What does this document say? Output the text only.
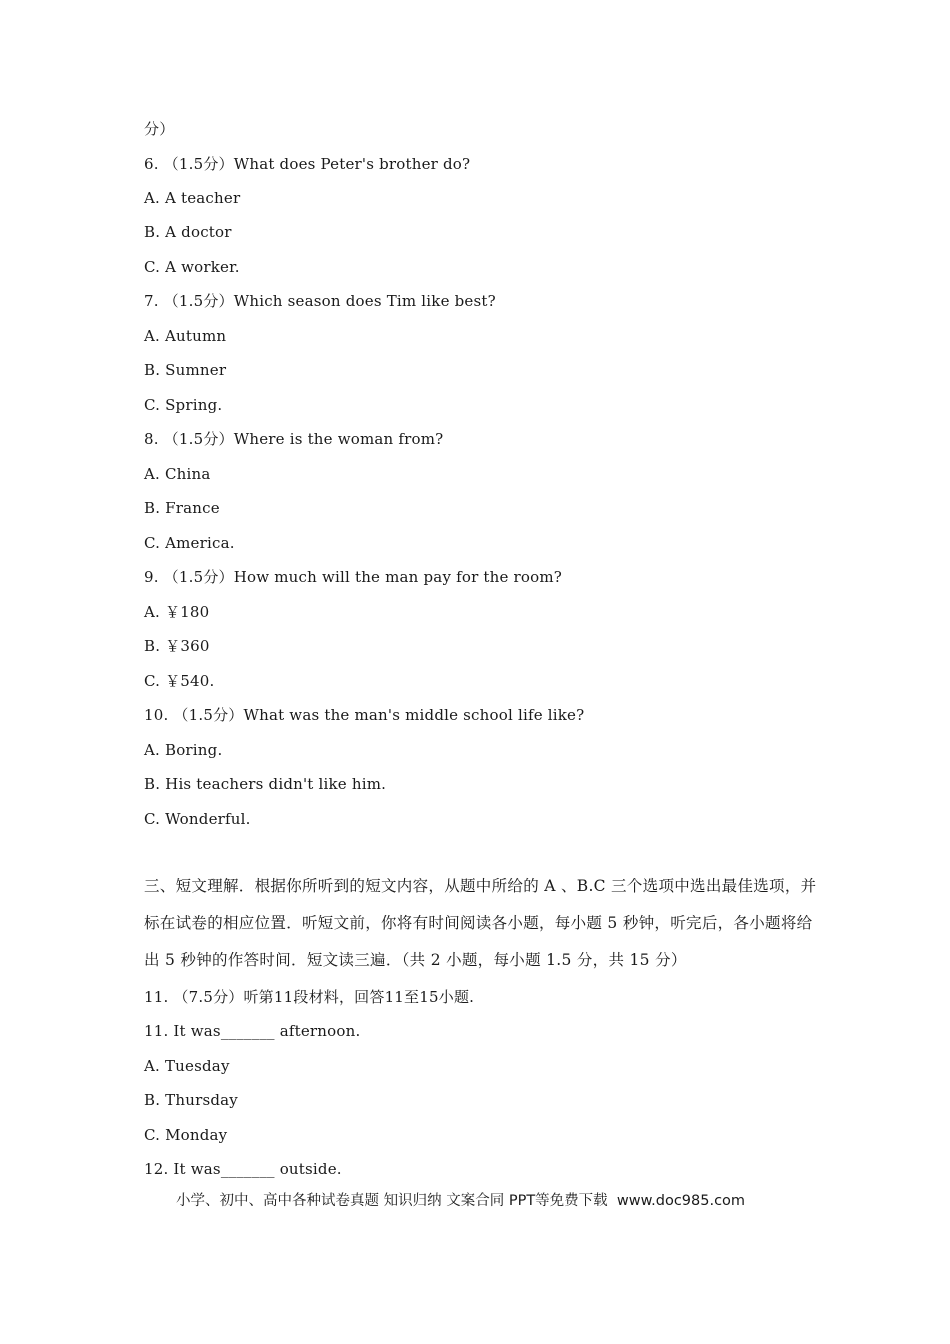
分）
6. （1.5分）What does Peter's brother do?
A. A teacher
B. A doctor
C. A worker.
7. （1.5分）Which season does Tim like best?
A. Autumn
B. Sumner
C. Spring.
8. （1.5分）Where is the woman from?
A. China
B. France
C. America.
9. （1.5分）How much will the man pay for the room?
A. ￥180
B. ￥360
C. ￥540.
10. （1.5分）What was the man's middle school life like?
A. Boring.
B. His teachers didn't like him.
C. Wonderful.
三、短文理解．根据你所听到的短文内容，从题中所给的 A 、B.C 三个选项中选出最佳选项，并标在试卷的相应位置．听短文前，你将有时间阅读各小题，每小题 5 秒钟，听完后，各小题将给出 5 秒钟的作答时间．短文读三遍．（共 2 小题，每小题 1.5 分，共 15 分）
11. （7.5分）听第11段材料，回答11至15小题.
11. It was_______ afternoon.
A. Tuesday
B. Thursday
C. Monday
12. It was_______ outside.
小学、初中、高中各种试卷真题 知识归纳 文案合同 PPT等免费下载  www.doc985.com
